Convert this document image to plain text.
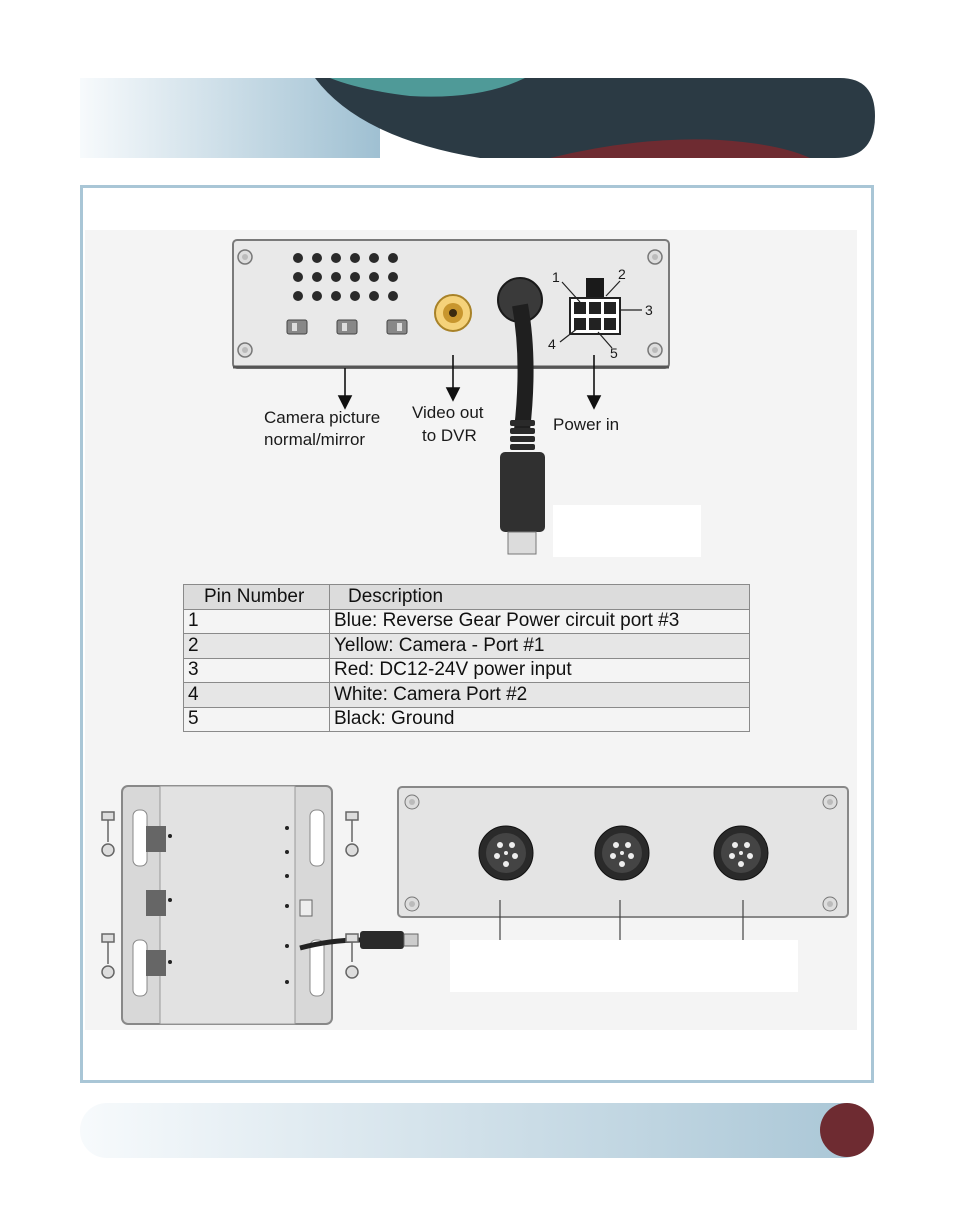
1	2
3
4
5
Camera picture
normal/mirror
Video out
to DVR
Power in
Pin Number	Description
1	Blue: Reverse Gear Power circuit port #3
2	Yellow: Camera - Port #1
3	Red: DC12-24V power input
4	White: Camera Port #2
5	Black: Ground
